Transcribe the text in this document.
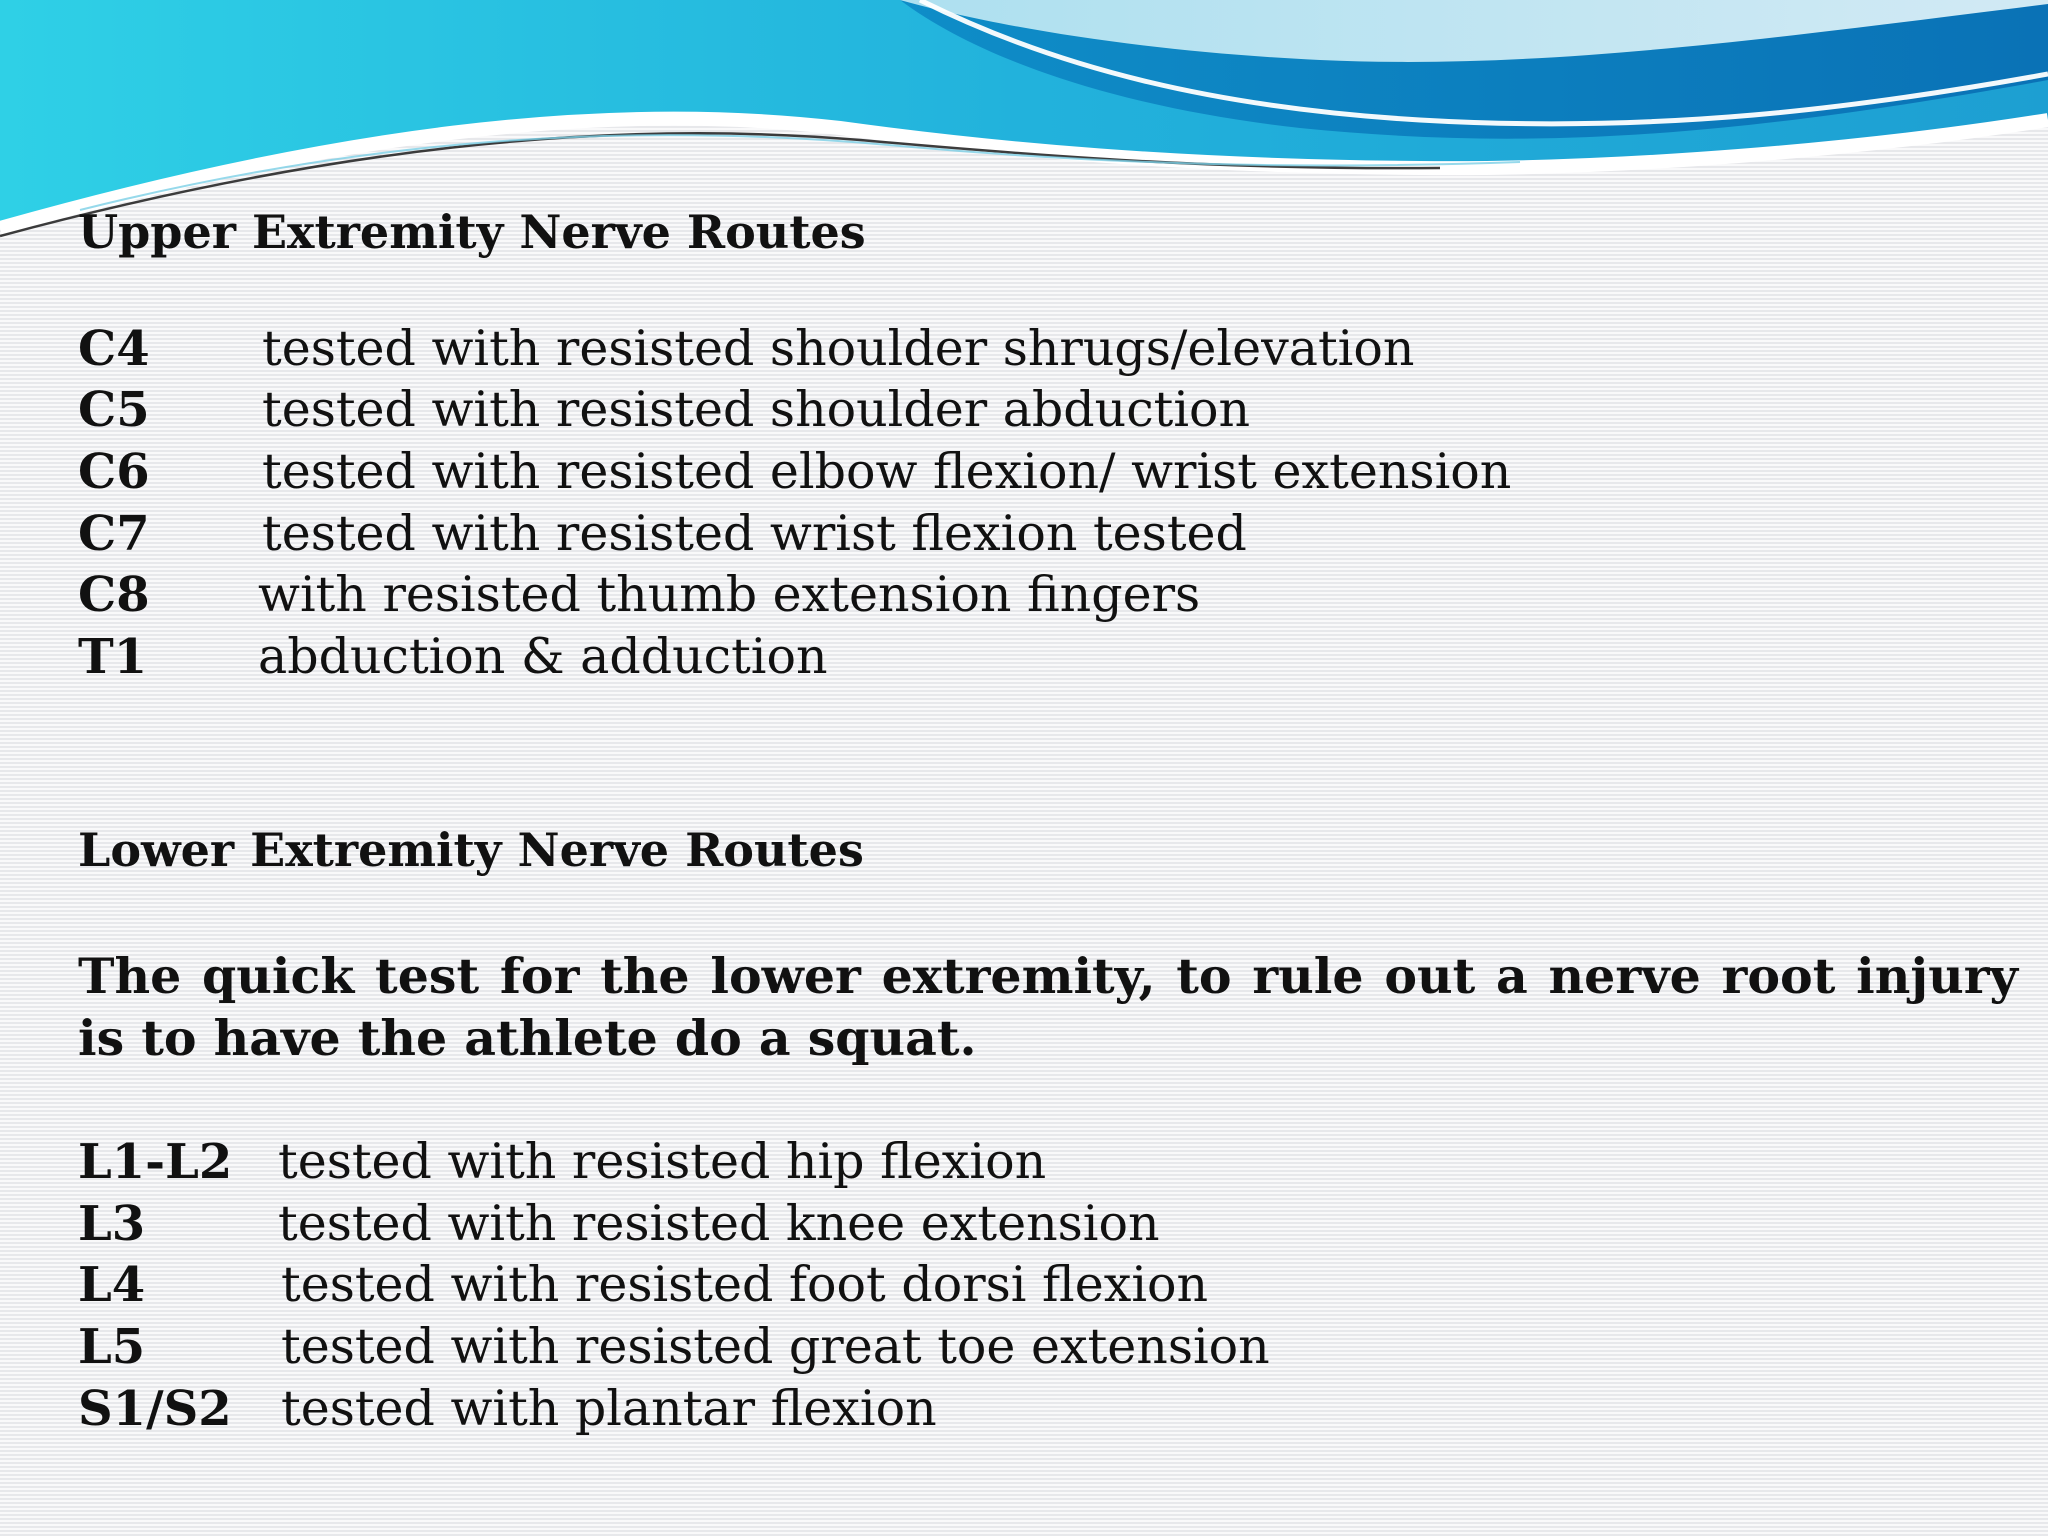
Upper Extremity Nerve Routes
C4 tested with resisted shoulder shrugs/elevation
C5 tested with resisted shoulder abduction
C6 tested with resisted elbow flexion/ wrist extension
C7 tested with resisted wrist flexion tested
C8 with resisted thumb extension fingers
T1 abduction & adduction
Lower Extremity Nerve Routes

The quick test for the lower extremity, to rule out a nerve root injury is to have the athlete do a squat.

L1-L2 tested with resisted hip flexion
L3	tested with resisted knee extension
L4	tested with resisted foot dorsi flexion
L5	tested with resisted great toe extension
S1/S2 tested with plantar flexion
